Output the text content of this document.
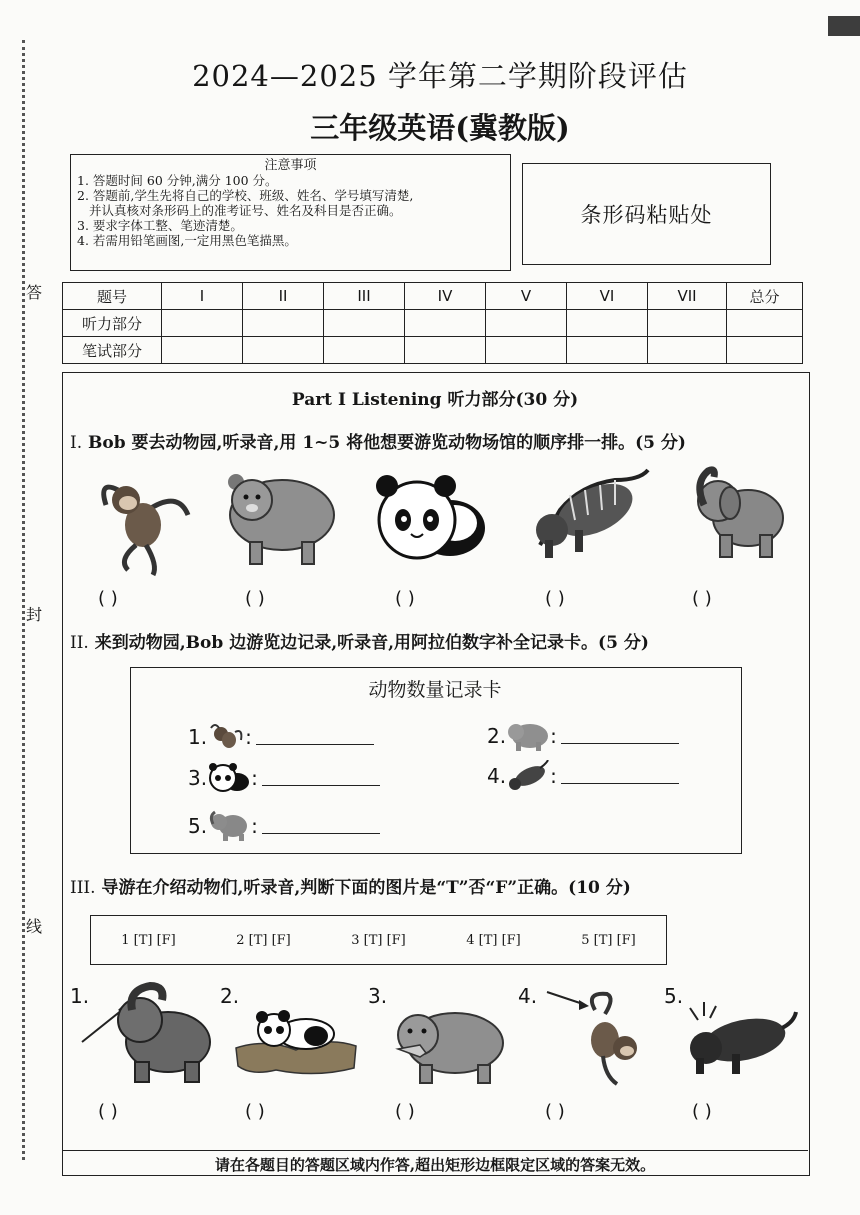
答
封
线
2024—2025 学年第二学期阶段评估
三年级英语(冀教版)
注意事项
1. 答题时间 60 分钟,满分 100 分。
2. 答题前,学生先将自己的学校、班级、姓名、学号填写清楚,
并认真核对条形码上的准考证号、姓名及科目是否正确。
3. 要求字体工整、笔迹清楚。
4. 若需用铅笔画图,一定用黑色笔描黑。
条形码粘贴处
题号	I	II	III	IV	V	VI	VII	总分
听力部分								
笔试部分								
Part I Listening 听力部分(30 分)
I. Bob 要去动物园,听录音,用 1~5 将他想要游览动物场馆的顺序排一排。(5 分)
( )	( )	( )	( )	( )
II. 来到动物园,Bob 边游览边记录,听录音,用阿拉伯数字补全记录卡。(5 分)
动物数量记录卡
1. :	2. :
3. :	4. :
5. :
III. 导游在介绍动物们,听录音,判断下面的图片是“T”否“F”正确。(10 分)
1 [T] [F]	2 [T] [F]	3 [T] [F]	4 [T] [F]	5 [T] [F]
1.	2.	3.	4.	5.
( )	( )	( )	( )	( )
请在各题目的答题区域内作答,超出矩形边框限定区域的答案无效。
